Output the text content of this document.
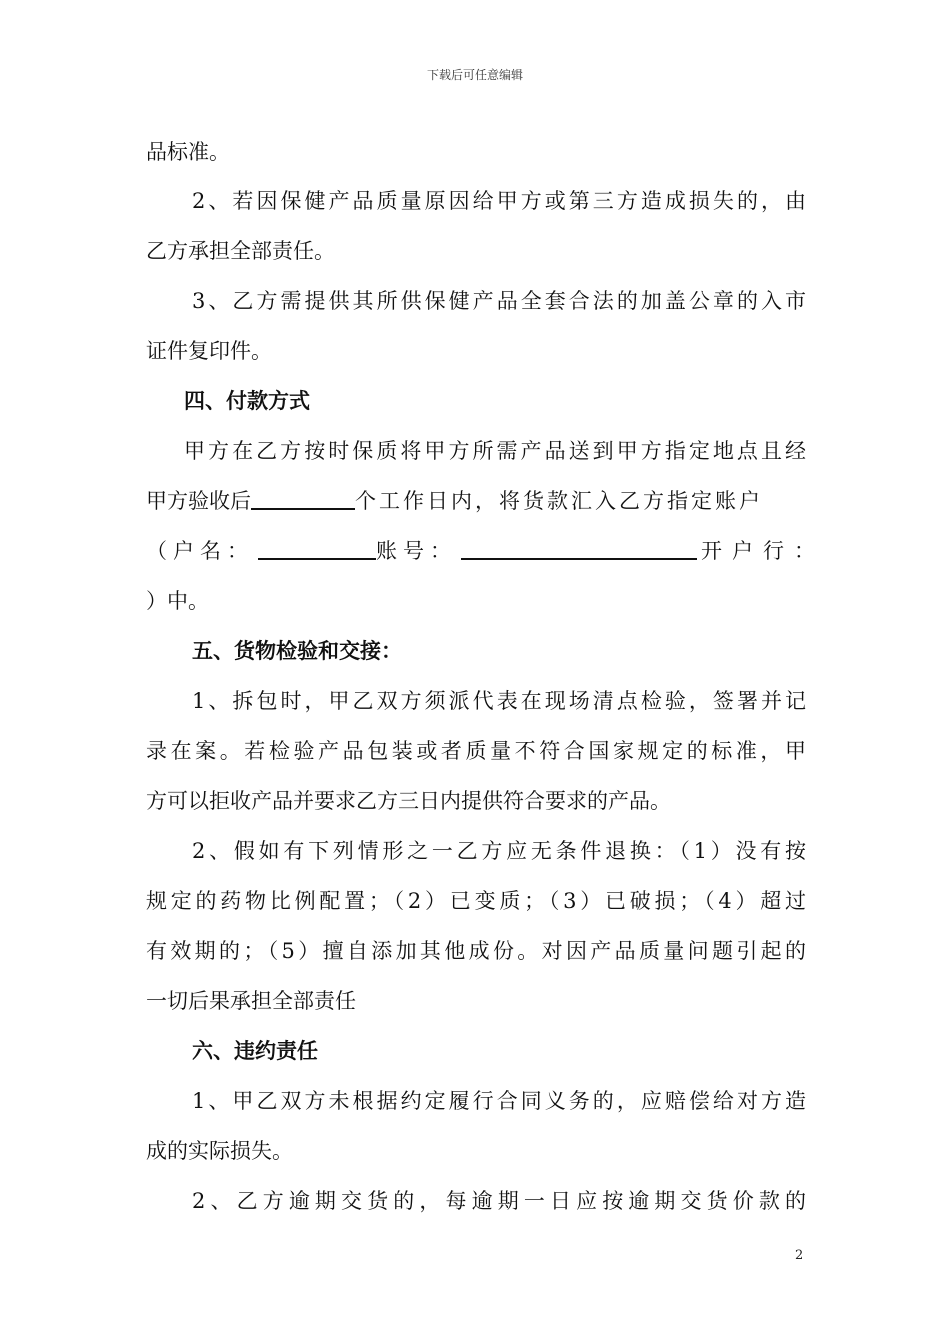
下载后可任意编辑
品标准。
2、若因保健产品质量原因给甲方或第三方造成损失的，由
乙方承担全部责任。
3、乙方需提供其所供保健产品全套合法的加盖公章的入市
证件复印件。
四、付款方式
甲方在乙方按时保质将甲方所需产品送到甲方指定地点且经
甲方验收后	个工作日内，将货款汇入乙方指定账户
（户名：	账号：	开户行：
）中。
五、货物检验和交接：
1、拆包时，甲乙双方须派代表在现场清点检验，签署并记
录在案。若检验产品包装或者质量不符合国家规定的标准，甲
方可以拒收产品并要求乙方三日内提供符合要求的产品。
2、假如有下列情形之一乙方应无条件退换：（1）没有按
规定的药物比例配置；（2）已变质；（3）已破损；（4）超过
有效期的；（5）擅自添加其他成份。对因产品质量问题引起的
一切后果承担全部责任
六、违约责任
1、甲乙双方未根据约定履行合同义务的，应赔偿给对方造
成的实际损失。
2、乙方逾期交货的，每逾期一日应按逾期交货价款的
2
